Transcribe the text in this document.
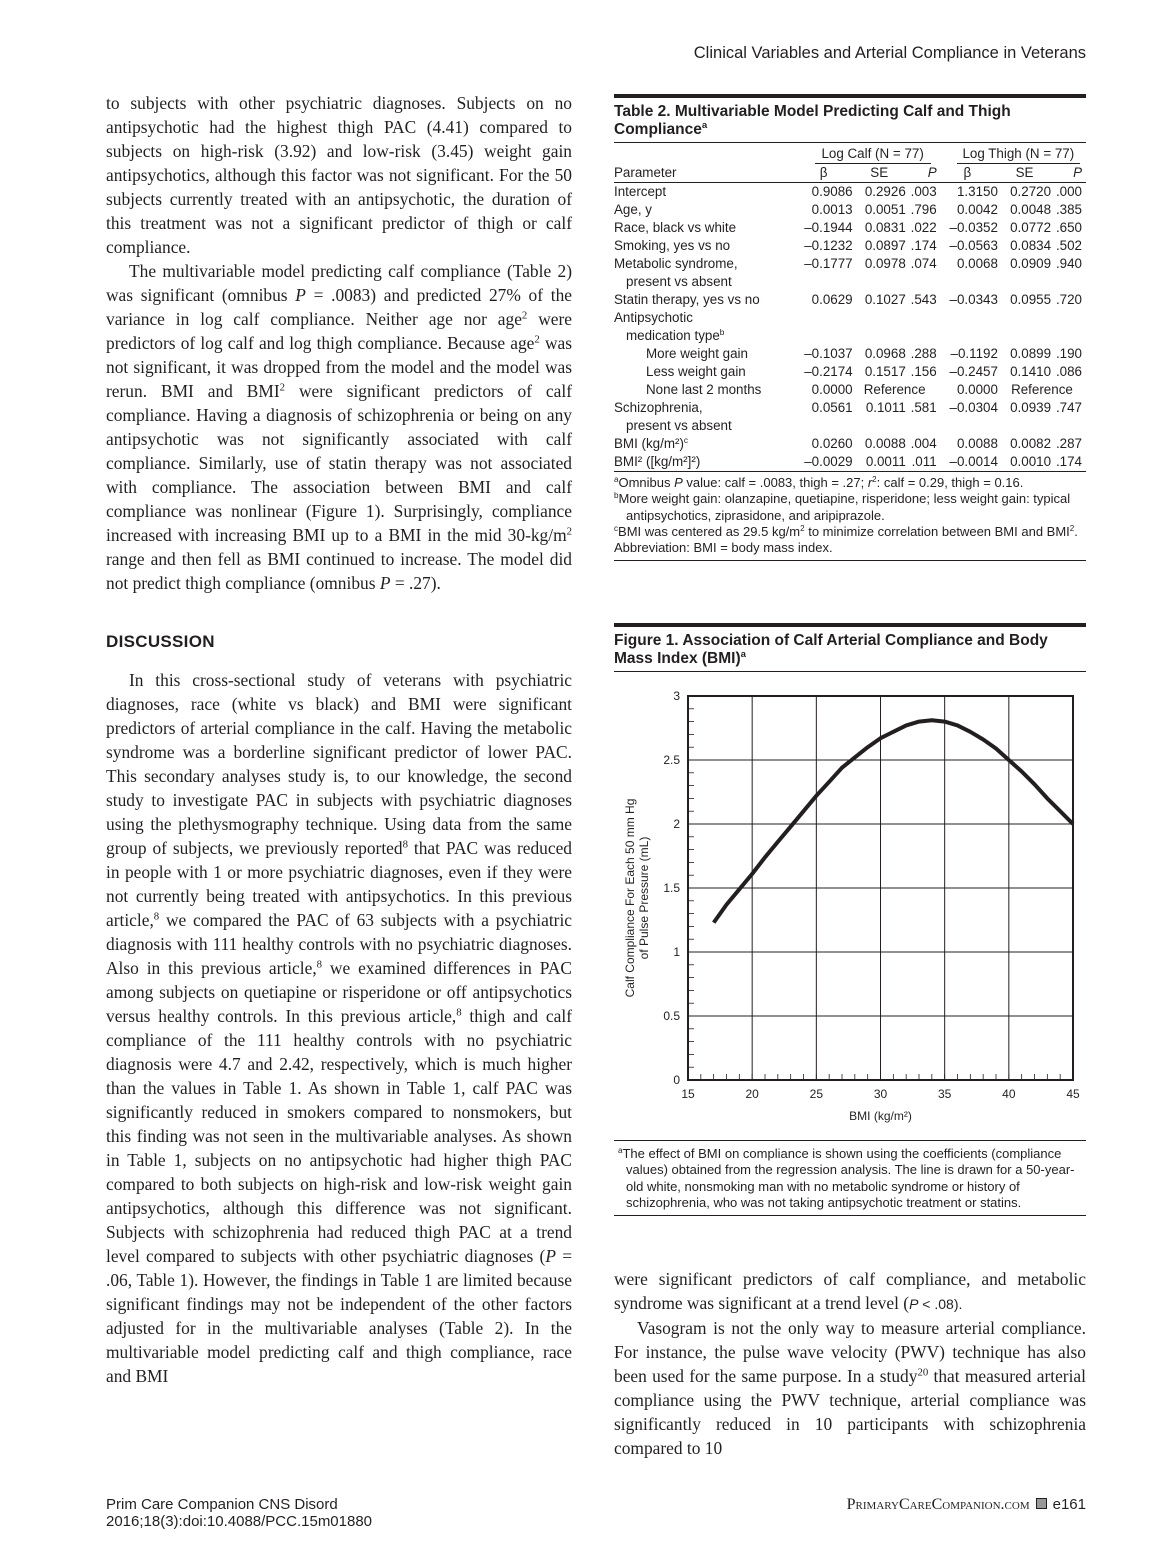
Clinical Variables and Arterial Compliance in Veterans

to subjects with other psychiatric diagnoses. Subjects on no antipsychotic had the highest thigh PAC (4.41) compared to subjects on high-risk (3.92) and low-risk (3.45) weight gain antipsychotics, although this factor was not significant. For the 50 subjects currently treated with an antipsychotic, the duration of this treatment was not a significant predictor of thigh or calf compliance.

The multivariable model predicting calf compliance (Table 2) was significant (omnibus P = .0083) and predicted 27% of the variance in log calf compliance. Neither age nor age$^2$ were predictors of log calf and log thigh compliance. Because age$^2$ was not significant, it was dropped from the model and the model was rerun. BMI and BMI$^2$ were significant predictors of calf compliance. Having a diagnosis of schizophrenia or being on any antipsychotic was not significantly associated with calf compliance. Similarly, use of statin therapy was not associated with compliance. The association between BMI and calf compliance was nonlinear (Figure 1). Surprisingly, compliance increased with increasing BMI up to a BMI in the mid $30-kg/m^2$ range and then fell as BMI continued to increase. The model did not predict thigh compliance (omnibus P = .27).

DISCUSSION

In this cross-sectional study of veterans with psychiatric diagnoses, race (white vs black) and BMI were significant predictors of arterial compliance in the calf. Having the metabolic syndrome was a borderline significant predictor of lower PAC. This secondary analyses study is, to our knowledge, the second study to investigate PAC in subjects with psychiatric diagnoses using the plethysmography technique. Using data from the same group of subjects, we previously reported$^8$ that PAC was reduced in people with 1 or more psychiatric diagnoses, even if they were not currently being treated with antipsychotics. In this previous article,$^8$ we compared the PAC of 63 subjects with a psychiatric diagnosis with 111 healthy controls with no psychiatric diagnoses. Also in this previous article,$^8$ we examined differences in PAC among subjects on quetiapine or risperidone or off antipsychotics versus healthy controls. In this previous article,$^8$ thigh and calf compliance of the 111 healthy controls with no psychiatric diagnosis were 4.7 and 2.42, respectively, which is much higher than the values in Table 1. As shown in Table 1, calf PAC was significantly reduced in smokers compared to nonsmokers, but this finding was not seen in the multivariable analyses. As shown in Table 1, subjects on no antipsychotic had higher thigh PAC compared to both subjects on high-risk and low-risk weight gain antipsychotics, although this difference was not significant. Subjects with schizophrenia had reduced thigh PAC at a trend level compared to subjects with other psychiatric diagnoses (P = .06, Table 1). However, the findings in Table 1 are limited because significant findings may not be independent of the other factors adjusted for in the multivariable analyses (Table 2). In the multivariable model predicting calf and thigh compliance, race and BMI

Table 2. Multivariable Model Predicting Calf and Thigh Compliance$^a$

	Log Calf (N = 77)			Log Thigh (N = 77)		

Parameter	β	SE	P	β	SE	P
Intercept	0.9086	0.2926	.003	1.3150	0.2720	.000
Age, y	0.0013	0.0051	.796	0.0042	0.0048	.385
Race, black vs white	–0.1944	0.0831	.022	–0.0352	0.0772	.650
Smoking, yes vs no	–0.1232	0.0897	.174	–0.0563	0.0834	.502
Metabolic syndrome,	–0.1777	0.0978	.074	0.0068	0.0909	.940
present vs absent						
Statin therapy, yes vs no	0.0629	0.1027	.543	–0.0343	0.0955	.720
Antipsychotic						
medication type$^b$						
More weight gain	–0.1037	0.0968	.288	–0.1192	0.0899	.190
Less weight gain	–0.2174	0.1517	.156	–0.2457	0.1410	.086
None last 2 months	0.0000	Reference		0.0000	Reference	
Schizophrenia,	0.0561	0.1011	.581	–0.0304	0.0939	.747
present vs absent						
BMI $(kg/m^2)^c$	0.0260	0.0088	.004	0.0088	0.0082	.287
BMI² ([kg/m²]²)	–0.0029	0.0011	.011	–0.0014	0.0010	.174
$^a$Omnibus P value: calf = .0083, thigh = .27; $r^2$: calf = 0.29, thigh = 0.16.
$^b$More weight gain: olanzapine, quetiapine, risperidone; less weight gain: typical antipsychotics, ziprasidone, and aripiprazole.
$^c$BMI was centered as 29.5 $kg/m^2$ to minimize correlation between BMI and BMI$^2$.
Abbreviation: BMI = body mass index.
Figure 1. Association of Calf Arterial Compliance and Body Mass Index (BMI)$^a$
0
0.5
1
1.5
2
2.5
3
15	20	25	30	35	40	45
BMI (kg/m²)
Calf Compliance For Each 50 mm Hg of Pulse Pressure (mL)
$^a$The effect of BMI on compliance is shown using the coefficients (compliance values) obtained from the regression analysis. The line is drawn for a 50-year-old white, nonsmoking man with no metabolic syndrome or history of schizophrenia, who was not taking antipsychotic treatment or statins.

were significant predictors of calf compliance, and metabolic syndrome was significant at a trend level (P < .08).

Vasogram is not the only way to measure arterial compliance. For instance, the pulse wave velocity (PWV) technique has also been used for the same purpose. In a study$^{20}$ that measured arterial compliance using the PWV technique, arterial compliance was significantly reduced in 10 participants with schizophrenia compared to 10

Prim Care Companion CNS Disord
2016;18(3):doi:10.4088/PCC.15m01880
PrimaryCareCompanion.com e161
